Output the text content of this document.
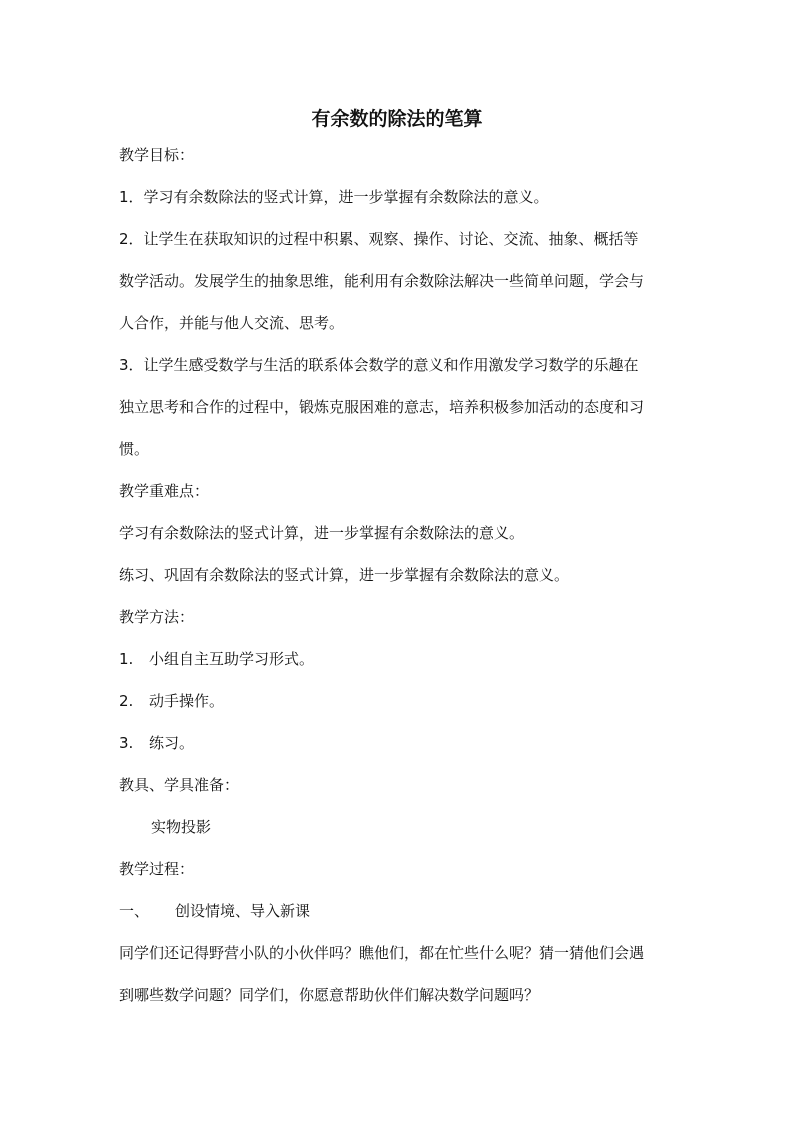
有余数的除法的笔算

教学目标：

1．学习有余数除法的竖式计算，进一步掌握有余数除法的意义。

2．让学生在获取知识的过程中积累、观察、操作、讨论、交流、抽象、概括等

数学活动。发展学生的抽象思维，能利用有余数除法解决一些简单问题，学会与

人合作，并能与他人交流、思考。

3．让学生感受数学与生活的联系体会数学的意义和作用激发学习数学的乐趣在

独立思考和合作的过程中，锻炼克服困难的意志，培养积极参加活动的态度和习

惯。

教学重难点：

学习有余数除法的竖式计算，进一步掌握有余数除法的意义。

练习、巩固有余数除法的竖式计算，进一步掌握有余数除法的意义。

教学方法：

1. 小组自主互助学习形式。

2. 动手操作。

3. 练习。

教具、学具准备：

实物投影

教学过程：

一、 创设情境、导入新课

同学们还记得野营小队的小伙伴吗？瞧他们，都在忙些什么呢？猜一猜他们会遇

到哪些数学问题？同学们，你愿意帮助伙伴们解决数学问题吗？
